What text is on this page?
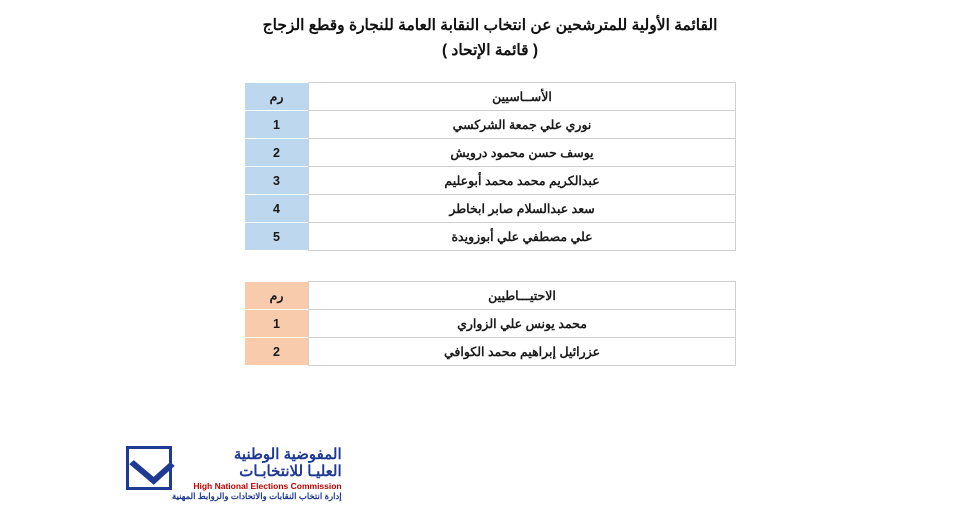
القائمة الأولية للمترشحين عن انتخاب النقابة العامة للنجارة وقطع الزجاج
( قائمة الإتحاد )
الأســاسيين	رم
نوري علي جمعة الشركسي	1
يوسف حسن محمود درويش	2
عبدالكريم محمد محمد أبوعليم	3
سعد عبدالسلام صابر ابخاطر	4
علي مصطفي علي أبوزويدة	5
الاحتيـــاطيين	رم
محمد يونس علي الزواري	1
عزرائيل إبراهيم محمد الكوافي	2
المفوضية الوطنية
العليـا للانتخابـات
High National Elections Commission
إدارة انتخاب النقابات والاتحادات والروابط المهنية
